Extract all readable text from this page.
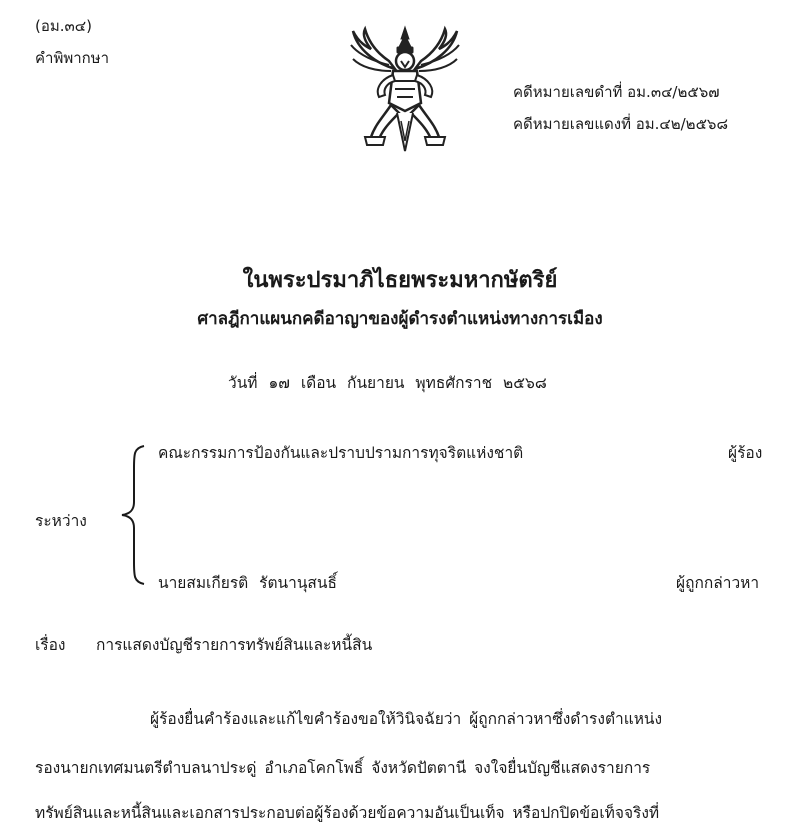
(อม.๓๔)
คำพิพากษา
คดีหมายเลขดำที่ อม.๓๔/๒๕๖๗
คดีหมายเลขแดงที่ อม.๔๒/๒๕๖๘
ในพระปรมาภิไธยพระมหากษัตริย์
ศาลฎีกาแผนกคดีอาญาของผู้ดำรงตำแหน่งทางการเมือง
วันที่ ๑๗ เดือน กันยายน พุทธศักราช ๒๕๖๘
ระหว่าง
คณะกรรมการป้องกันและปราบปรามการทุจริตแห่งชาติ	ผู้ร้อง
นายสมเกียรติ รัตนานุสนธิ์	ผู้ถูกกล่าวหา
เรื่อง การแสดงบัญชีรายการทรัพย์สินและหนี้สิน
ผู้ร้องยื่นคำร้องและแก้ไขคำร้องขอให้วินิจฉัยว่า ผู้ถูกกล่าวหาซึ่งดำรงตำแหน่ง
รองนายกเทศมนตรีตำบลนาประดู่ อำเภอโคกโพธิ์ จังหวัดปัตตานี จงใจยื่นบัญชีแสดงรายการ
ทรัพย์สินและหนี้สินและเอกสารประกอบต่อผู้ร้องด้วยข้อความอันเป็นเท็จ หรือปกปิดข้อเท็จจริงที่
